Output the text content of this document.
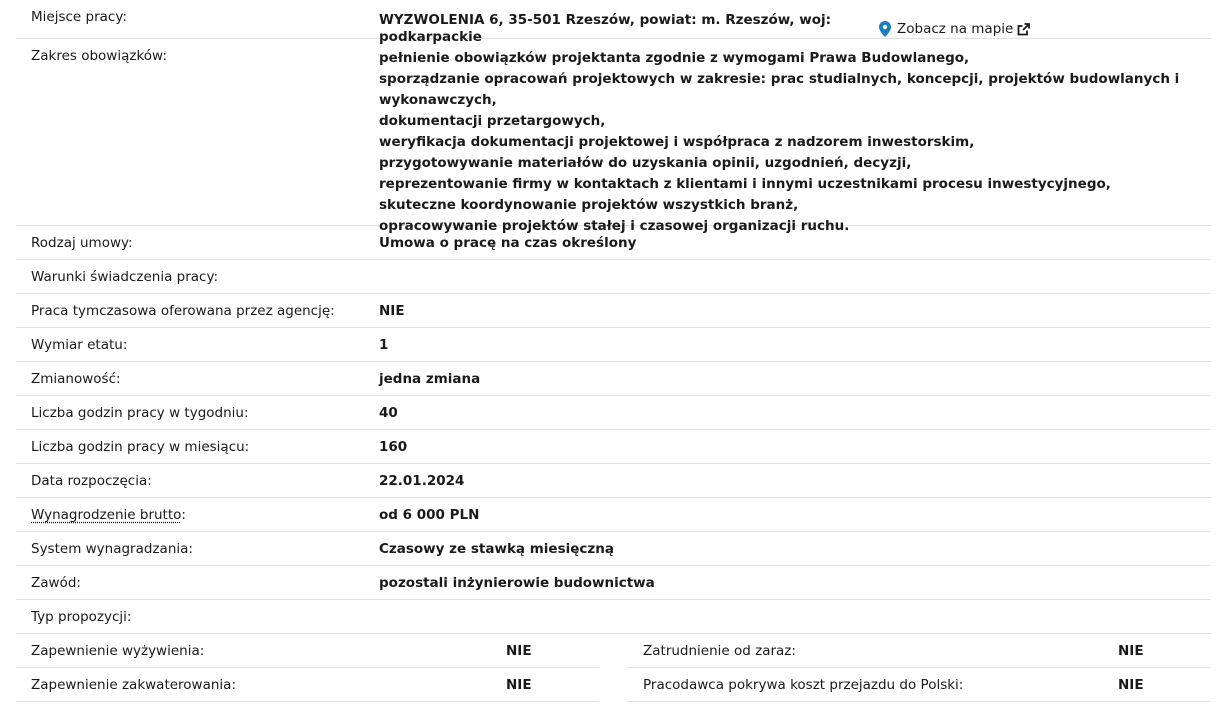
Miejsce pracy:	WYZWOLENIA 6, 35-501 Rzeszów, powiat: m. Rzeszów, woj: podkarpackie
Zobacz na mapie
Zakres obowiązków:	pełnienie obowiązków projektanta zgodnie z wymogami Prawa Budowlanego,
sporządzanie opracowań projektowych w zakresie: prac studialnych, koncepcji, projektów budowlanych i wykonawczych,
dokumentacji przetargowych,
weryfikacja dokumentacji projektowej i współpraca z nadzorem inwestorskim,
przygotowywanie materiałów do uzyskania opinii, uzgodnień, decyzji,
reprezentowanie firmy w kontaktach z klientami i innymi uczestnikami procesu inwestycyjnego,
skuteczne koordynowanie projektów wszystkich branż,
opracowywanie projektów stałej i czasowej organizacji ruchu.
Rodzaj umowy:	Umowa o pracę na czas określony
Warunki świadczenia pracy:
Praca tymczasowa oferowana przez agencję:	NIE
Wymiar etatu:	1
Zmianowość:	jedna zmiana
Liczba godzin pracy w tygodniu:	40
Liczba godzin pracy w miesiącu:	160
Data rozpoczęcia:	22.01.2024
Wynagrodzenie brutto:	od 6 000 PLN
System wynagradzania:	Czasowy ze stawką miesięczną
Zawód:	pozostali inżynierowie budownictwa
Typ propozycji:
Zapewnienie wyżywienia:	NIE
Zapewnienie zakwaterowania:	NIE
Zatrudnienie od zaraz:	NIE
Pracodawca pokrywa koszt przejazdu do Polski:	NIE
